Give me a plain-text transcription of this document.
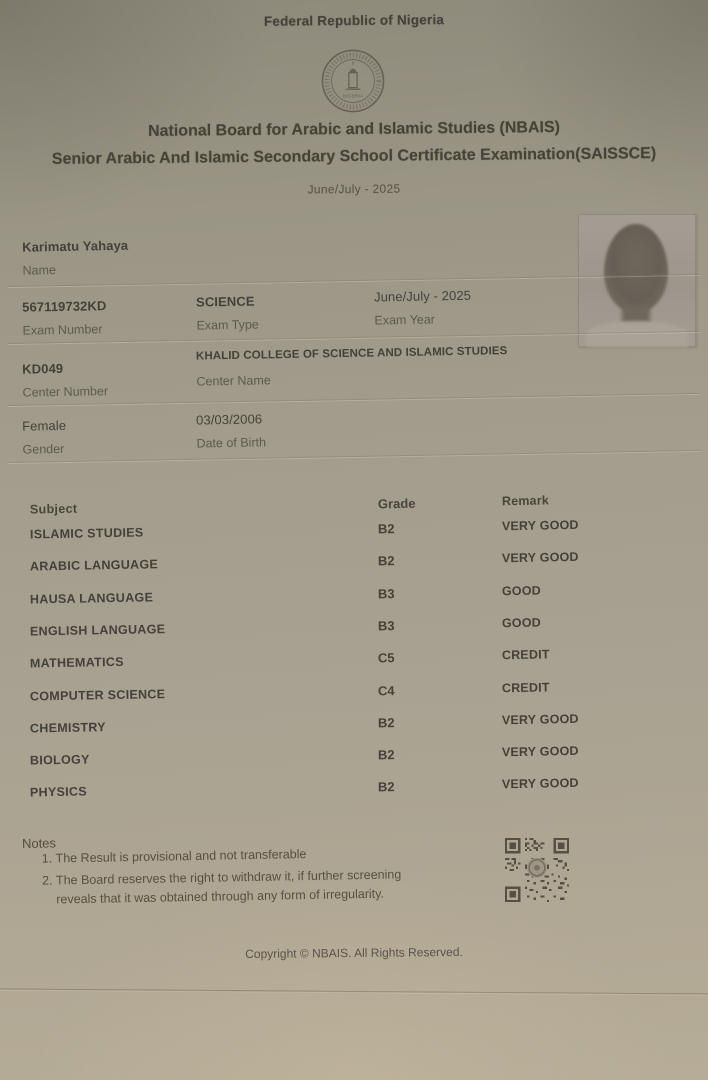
Federal Republic of Nigeria
NIGERIA
National Board for Arabic and Islamic Studies (NBAIS)
Senior Arabic And Islamic Secondary School Certificate Examination(SAISSCE)
June/July - 2025
Karimatu Yahaya
Name
567119732KD
Exam Number
SCIENCE
Exam Type
June/July - 2025
Exam Year
KD049
Center Number
KHALID COLLEGE OF SCIENCE AND ISLAMIC STUDIES
Center Name
Female
Gender
03/03/2006
Date of Birth
Subject	Grade	Remark
ISLAMIC STUDIES	B2	VERY GOOD
ARABIC LANGUAGE	B2	VERY GOOD
HAUSA LANGUAGE	B3	GOOD
ENGLISH LANGUAGE	B3	GOOD
MATHEMATICS	C5	CREDIT
COMPUTER SCIENCE	C4	CREDIT
CHEMISTRY	B2	VERY GOOD
BIOLOGY	B2	VERY GOOD
PHYSICS	B2	VERY GOOD
Notes
1. The Result is provisional and not transferable
2. The Board reserves the right to withdraw it, if further screening reveals that it was obtained through any form of irregularity.
Copyright © NBAIS. All Rights Reserved.
